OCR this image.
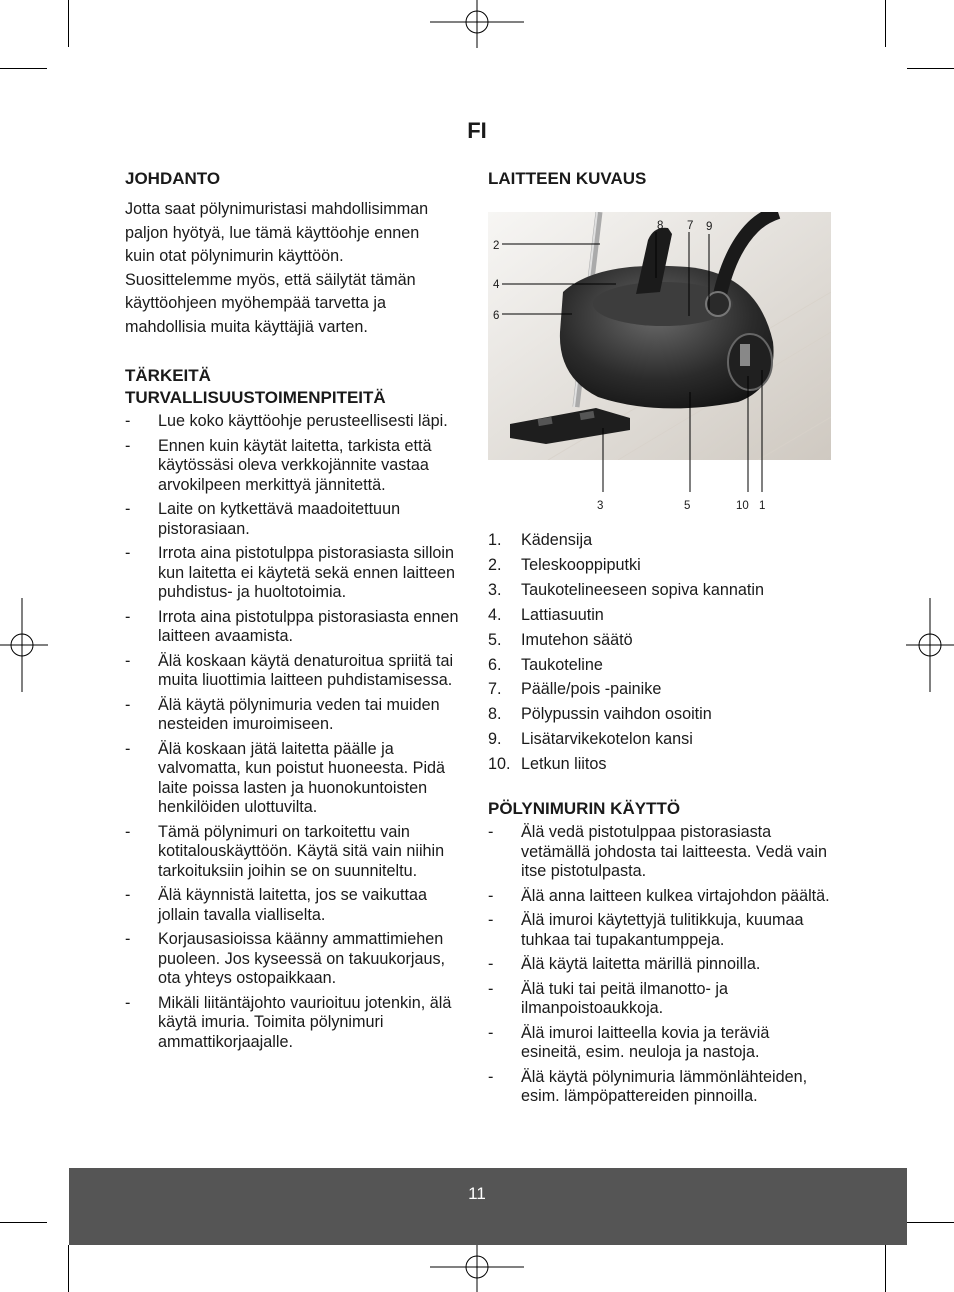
FI
JOHDANTO

Jotta saat pölynimuristasi mahdollisimman
paljon hyötyä, lue tämä käyttöohje ennen
kuin otat pölynimurin käyttöön.
Suosittelemme myös, että säilytät tämän
käyttöohjeen myöhempää tarvetta ja
mahdollisia muita käyttäjiä varten.

TÄRKEITÄ
TURVALLISUUSTOIMENPITEITÄ
- Lue koko käyttöohje perusteellisesti läpi.
- Ennen kuin käytät laitetta, tarkista että käytössäsi oleva verkkojännite vastaa arvokilpeen merkittyä jännitettä.
- Laite on kytkettävä maadoitettuun pistorasiaan.
- Irrota aina pistotulppa pistorasiasta silloin kun laitetta ei käytetä sekä ennen laitteen puhdistus- ja huoltotoimia.
- Irrota aina pistotulppa pistorasiasta ennen laitteen avaamista.
- Älä koskaan käytä denaturoitua spriitä tai muita liuottimia laitteen puhdistamisessa.
- Älä käytä pölynimuria veden tai muiden nesteiden imuroimiseen.
- Älä koskaan jätä laitetta päälle ja valvomatta, kun poistut huoneesta. Pidä laite poissa lasten ja huonokuntoisten henkilöiden ulottuvilta.
- Tämä pölynimuri on tarkoitettu vain kotitalouskäyttöön. Käytä sitä vain niihin tarkoituksiin joihin se on suunniteltu.
- Älä käynnistä laitetta, jos se vaikuttaa jollain tavalla vialliselta.
- Korjausasioissa käänny ammattimiehen puoleen. Jos kyseessä on takuukorjaus, ota yhteys ostopaikkaan.
- Mikäli liitäntäjohto vaurioituu jotenkin, älä käytä imuria. Toimita pölynimuri ammattikorjaajalle.
LAITTEEN KUVAUS
8 7 9
2
4
6
3	5	10 1
1. Kädensija
2. Teleskooppiputki
3. Taukotelineeseen sopiva kannatin
4. Lattiasuutin
5. Imutehon säätö
6. Taukoteline
7. Päälle/pois -painike
8. Pölypussin vaihdon osoitin
9. Lisätarvikekotelon kansi
10. Letkun liitos
PÖLYNIMURIN KÄYTTÖ
- Älä vedä pistotulppaa pistorasiasta vetämällä johdosta tai laitteesta. Vedä vain itse pistotulpasta.
- Älä anna laitteen kulkea virtajohdon päältä.
- Älä imuroi käytettyjä tulitikkuja, kuumaa tuhkaa tai tupakantumppeja.
- Älä käytä laitetta märillä pinnoilla.
- Älä tuki tai peitä ilmanotto- ja ilmanpoistoaukkoja.
- Älä imuroi laitteella kovia ja teräviä esineitä, esim. neuloja ja nastoja.
- Älä käytä pölynimuria lämmönlähteiden, esim. lämpöpattereiden pinnoilla.
11
